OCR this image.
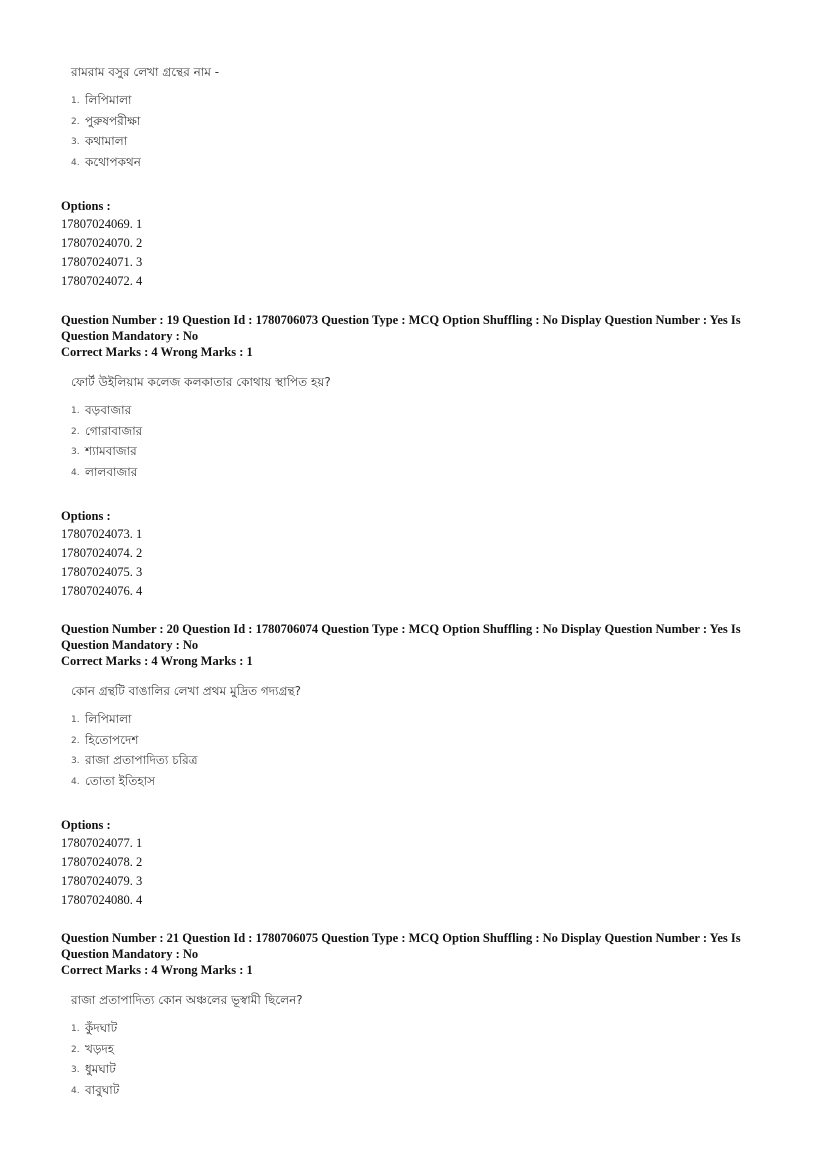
রামরাম বসুর লেখা গ্রন্থের নাম -

1. লিপিমালা
2. পুরুষপরীক্ষা
3. কথামালা
4. কথোপকথন

Options :

17807024069. 1
17807024070. 2
17807024071. 3
17807024072. 4

Question Number : 19 Question Id : 1780706073 Question Type : MCQ Option Shuffling : No Display Question Number : Yes Is Question Mandatory : No

Correct Marks : 4 Wrong Marks : 1

ফোর্ট উইলিয়াম কলেজ কলকাতার কোথায় স্থাপিত হয়?

1. বড়বাজার
2. গোরাবাজার
3. শ্যামবাজার
4. লালবাজার

Options :

17807024073. 1
17807024074. 2
17807024075. 3
17807024076. 4

Question Number : 20 Question Id : 1780706074 Question Type : MCQ Option Shuffling : No Display Question Number : Yes Is Question Mandatory : No

Correct Marks : 4 Wrong Marks : 1

কোন গ্রন্থটি বাঙালির লেখা প্রথম মুদ্রিত গদ্যগ্রন্থ?

1. লিপিমালা
2. হিতোপদেশ
3. রাজা প্রতাপাদিত্য চরিত্র
4. তোতা ইতিহাস

Options :

17807024077. 1
17807024078. 2
17807024079. 3
17807024080. 4

Question Number : 21 Question Id : 1780706075 Question Type : MCQ Option Shuffling : No Display Question Number : Yes Is Question Mandatory : No

Correct Marks : 4 Wrong Marks : 1

রাজা প্রতাপাদিত্য কোন অঞ্চলের ভূস্বামী ছিলেন?

1. কুঁদঘাট
2. খড়দহ
3. ধুমঘাট
4. বাবুঘাট
